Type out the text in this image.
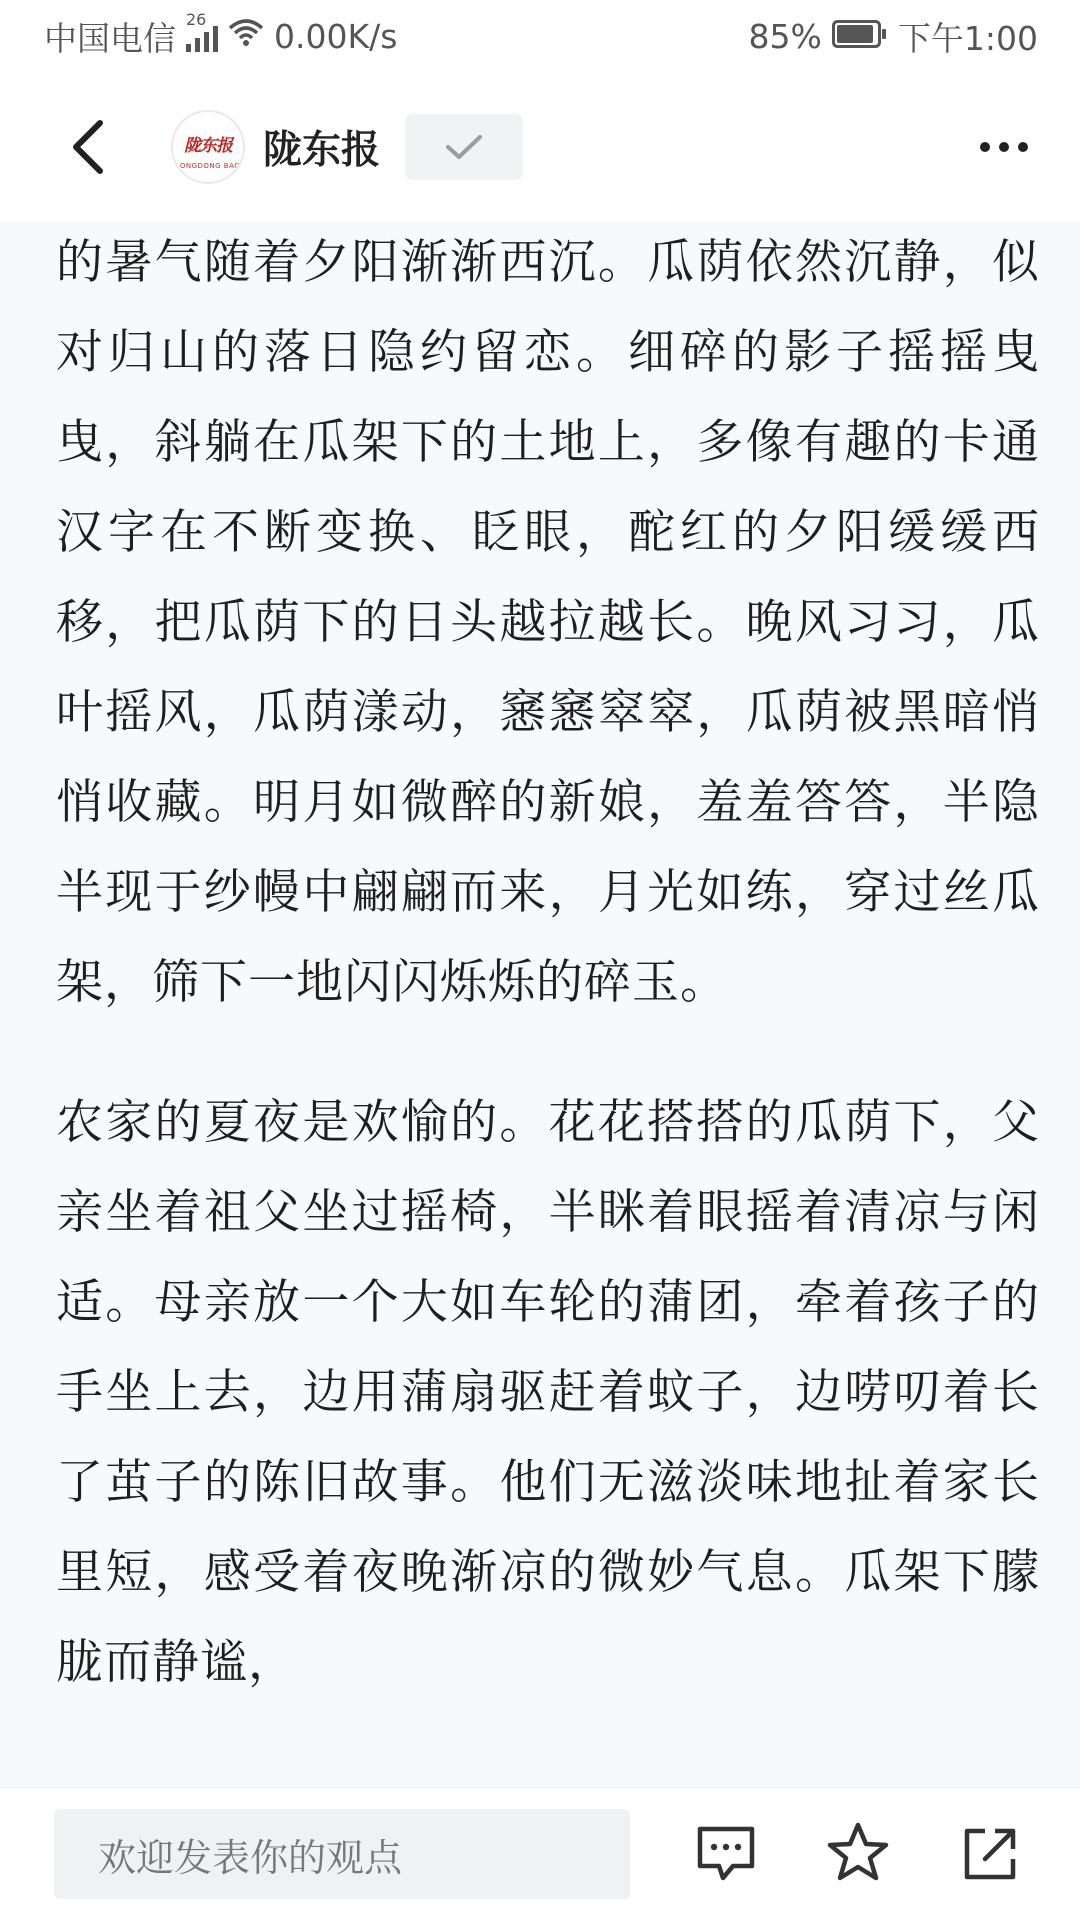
中国电信 26 0.00K/s	85% 下午1:00
陇东报
LONGDONG BAO 陇东报

的暑气随着夕阳渐渐西沉。瓜荫依然沉静，似对归山的落日隐约留恋。细碎的影子摇摇曳曳，斜躺在瓜架下的土地上，多像有趣的卡通汉字在不断变换、眨眼，酡红的夕阳缓缓西移，把瓜荫下的日头越拉越长。晚风习习，瓜叶摇风，瓜荫漾动，窸窸窣窣，瓜荫被黑暗悄悄收藏。明月如微醉的新娘，羞羞答答，半隐半现于纱幔中翩翩而来，月光如练，穿过丝瓜架，筛下一地闪闪烁烁的碎玉。

农家的夏夜是欢愉的。花花搭搭的瓜荫下，父亲坐着祖父坐过摇椅，半眯着眼摇着清凉与闲适。母亲放一个大如车轮的蒲团，牵着孩子的手坐上去，边用蒲扇驱赶着蚊子，边唠叨着长了茧子的陈旧故事。他们无滋淡味地扯着家长里短，感受着夜晚渐凉的微妙气息。瓜架下朦胧而静谧，

欢迎发表你的观点
